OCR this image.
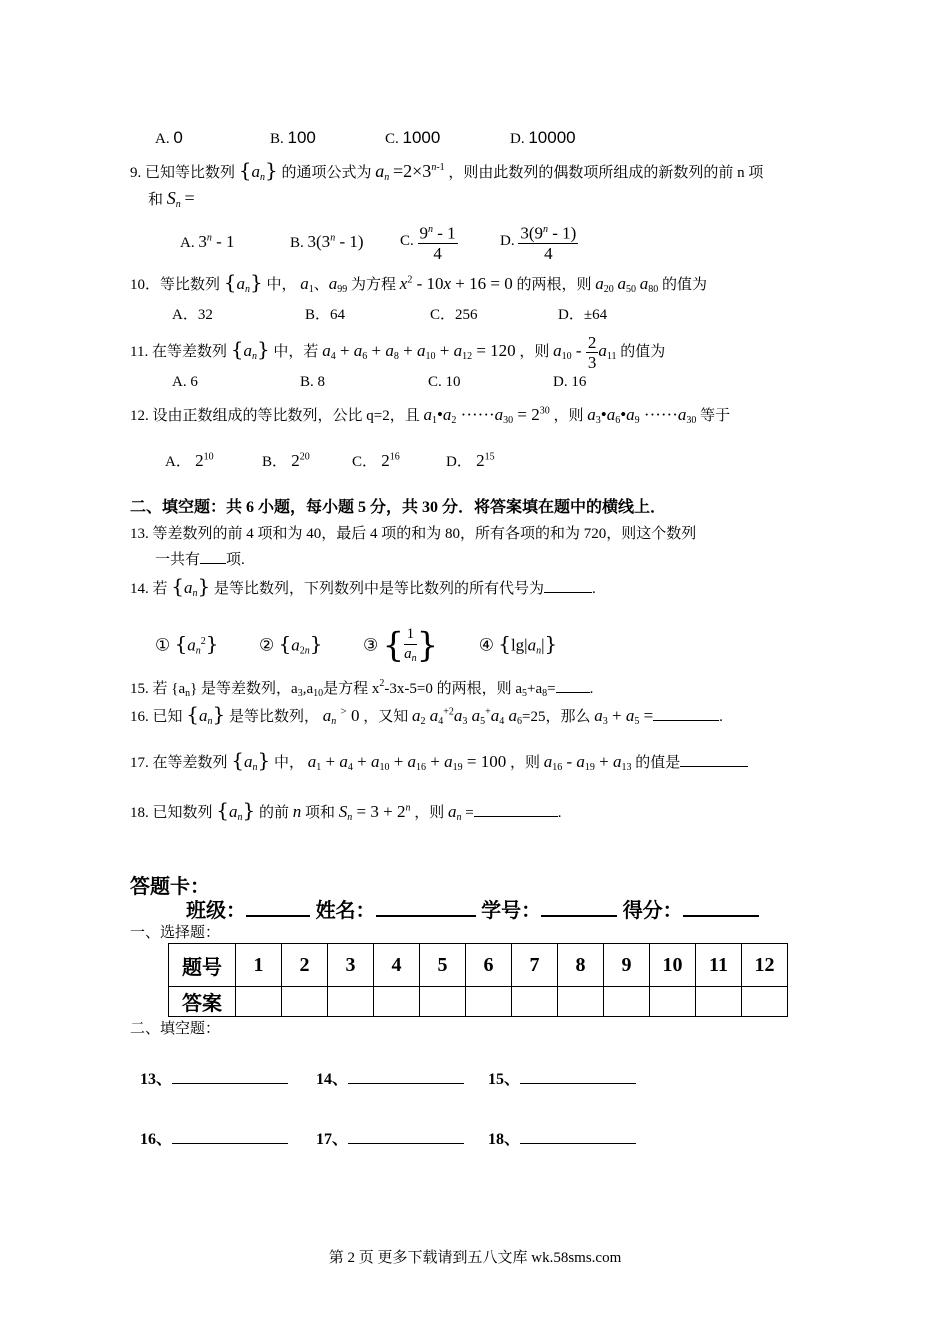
A. 0	B. 100	C. 1000	D. 10000
9. 已知等比数列 $\{a_n\}$ 的通项公式为 $a_n =2\times 3^{n-1}$ ，则由此数列的偶数项所组成的新数列的前 n 项
和 $S_n$ =
A. 3$^n$ - 1	B. 3(3$^n$ - 1) C. $\frac{9^n - 1}{4}$	D. $\frac{3(9^n - 1)}{4}$
10．等比数列 $\{a_n\}$ 中， $a_1$、$a_{99}$ 为方程 $x^2 - 10x + 16 = 0$ 的两根，则 $a_{20}$ $a_{50}$ $a_{80}$ 的值为
A．32	B．64	C．256	D．±64
11. 在等差数列 $\{a_n\}$ 中，若 $a_4 + a_6 + a_8 + a_{10} + a_{12} = 120$ ，则 $a_{10} - \frac{2}{3} a_{11}$ 的值为
A. 6	B. 8	C. 10	D. 16
12. 设由正数组成的等比数列，公比 q=2，且 $a_1•a_2 \cdot\cdot\cdot\cdot\cdot\cdot a_{30} = 2^{30}$ ，则 $a_3•a_6•a_9 \cdot\cdot\cdot\cdot\cdot\cdot a_{30}$ 等于
A． $2^{10}$	B． $2^{20}$	C． $2^{16}$	D． $2^{15}$
二、填空题：共 6 小题，每小题 5 分，共 30 分．将答案填在题中的横线上．
13. 等差数列的前 4 项和为 40，最后 4 项的和为 80，所有各项的和为 720，则这个数列
一共有 项.
14. 若 $\{a_n\}$ 是等比数列，下列数列中是等比数列的所有代号为	.
① $\{a_n^2\}$ ② $\{a_{2n}\}$ ③ { $\frac{1}{a_n}$ } ④ $\{\lg|a_n|\}$
15. 若 $\{a_n\}$ 是等差数列，$a_3,a_{10}$是方程 $x^2-3x-5=0$ 的两根，则 $a_5+a_8=$ .
16. 已知 $\{a_n\}$ 是等比数列， $a_n$ > 0 ，又知 $a_2$ $a_4^{+2}a_3$ $a_5^+a_4$ $a_6=25$，那么 $a_3 + a_5$ =	.
17. 在等差数列 $\{a_n\}$ 中， $a_1 + a_4 + a_{10} + a_{16} + a_{19} = 100$ ，则 $a_{16} - a_{19} + a_{13}$ 的值是
18. 已知数列 $\{a_n\}$ 的前 n 项和 $S_n = 3 + 2^n$ ，则 $a_n$ =	.
答题卡：
班级：	姓名：	学号：	得分：
一、选择题：
题号	1	2	3	4	5	6	7	8	9	10	11	12
答案												
二、填空题：
13、	14、	15、
16、	17、	18、
第 2 页 更多下载请到五八文库 wk.58sms.com
